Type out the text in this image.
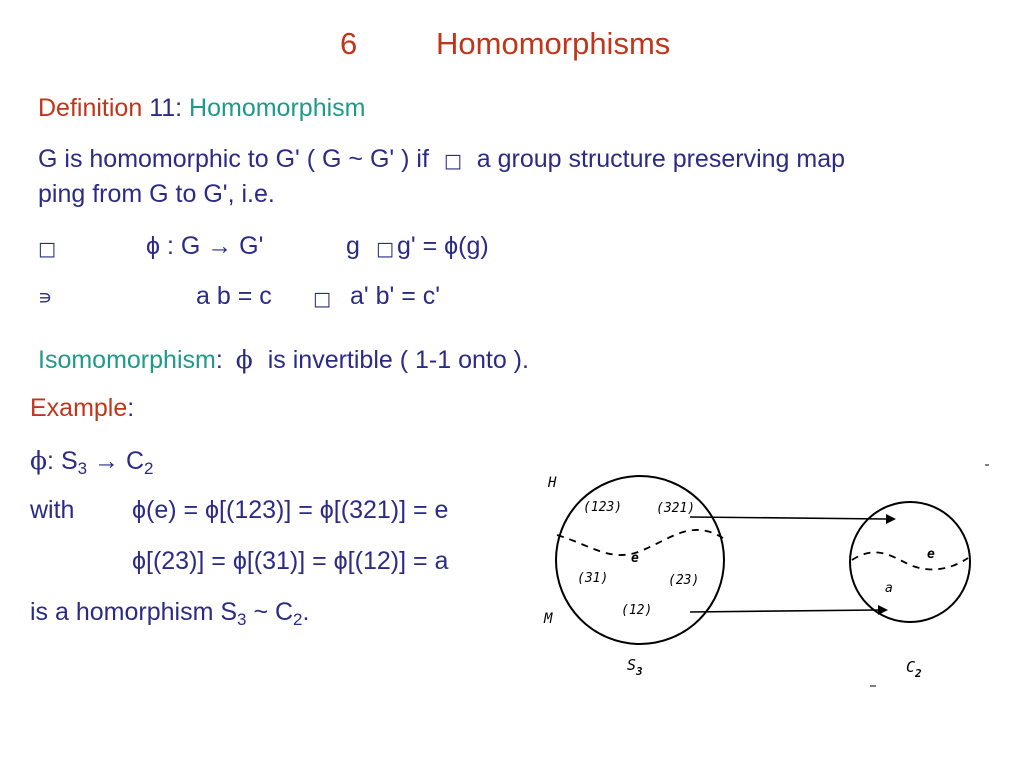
6	Homomorphisms
Definition 11: Homomorphism
G is homomorphic to G' ( G ~ G' ) if □ a group structure preserving map
ping from G to G', i.e.
□	ϕ : G → G'	g □ g' = ϕ(g)
∍	a b = c □ a' b' = c'
Isomomorphism: ϕ is invertible ( 1-1 onto ).
Example:
ϕ: $S_3 \to C_2$
with ϕ(e) = ϕ[(123)] = ϕ[(321)] = e
ϕ[(23)] = ϕ[(31)] = ϕ[(12)] = a
is a homorphism $S_3$ ~ $C_2$.
H
M
(123)	(321)
e
(31)	(23)
(12)
e
a
$S_3$	$C_2$
